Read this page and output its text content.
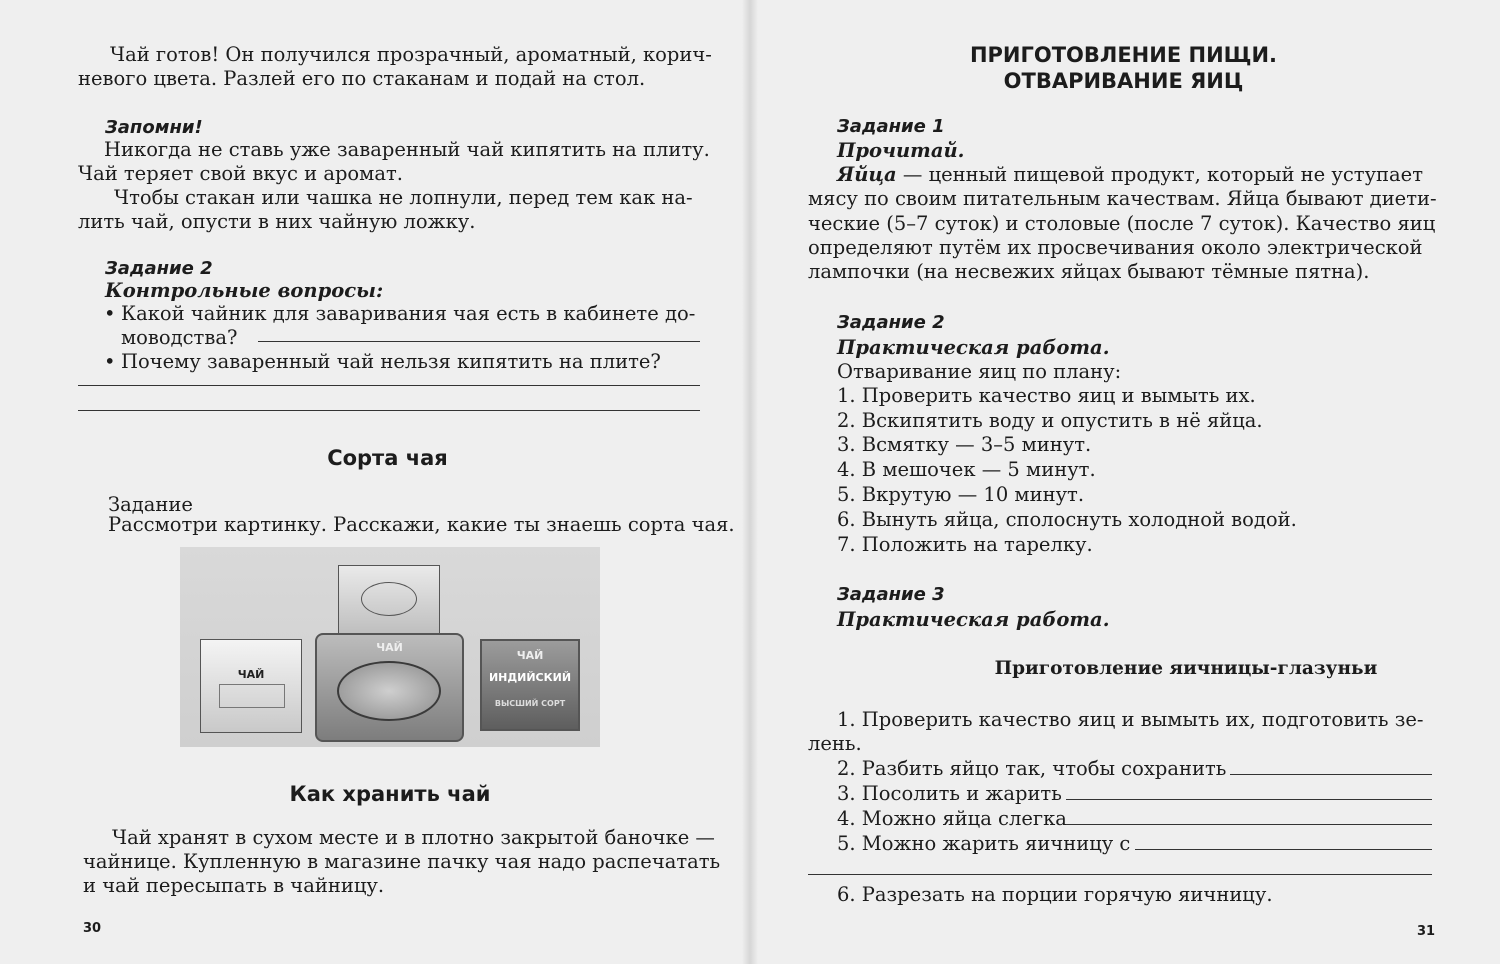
Чай готов! Он получился прозрачный, ароматный, корич-
невого цвета. Разлей его по стаканам и подай на стол.
Запомни!
Никогда не ставь уже заваренный чай кипятить на плиту.
Чай теряет свой вкус и аромат.
Чтобы стакан или чашка не лопнули, перед тем как на-
лить чай, опусти в них чайную ложку.
Задание 2
Контрольные вопросы:
• Какой чайник для заваривания чая есть в кабинете до-
моводства?
• Почему заваренный чай нельзя кипятить на плите?
Сорта чая
Задание
Рассмотри картинку. Расскажи, какие ты знаешь сорта чая.
ЧАЙ
ЧАЙ
ЧАЙ
ИНДИЙСКИЙ
ВЫСШИЙ СОРТ
Как хранить чай
Чай хранят в сухом месте и в плотно закрытой баночке —
чайнице. Купленную в магазине пачку чая надо распечатать
и чай пересыпать в чайницу.
30
ПРИГОТОВЛЕНИЕ ПИЩИ.
ОТВАРИВАНИЕ ЯИЦ
Задание 1
Прочитай.
Яйца — ценный пищевой продукт, который не уступает
мясу по своим питательным качествам. Яйца бывают диети-
ческие (5–7 суток) и столовые (после 7 суток). Качество яиц
определяют путём их просвечивания около электрической
лампочки (на несвежих яйцах бывают тёмные пятна).
Задание 2
Практическая работа.
Отваривание яиц по плану:
1. Проверить качество яиц и вымыть их.
2. Вскипятить воду и опустить в нё яйца.
3. Всмятку — 3–5 минут.
4. В мешочек — 5 минут.
5. Вкрутую — 10 минут.
6. Вынуть яйца, сполоснуть холодной водой.
7. Положить на тарелку.
Задание 3
Практическая работа.
Приготовление яичницы-глазуньи
1. Проверить качество яиц и вымыть их, подготовить зе-
лень.
2. Разбить яйцо так, чтобы сохранить
3. Посолить и жарить
4. Можно яйца слегка
5. Можно жарить яичницу с
6. Разрезать на порции горячую яичницу.
31
